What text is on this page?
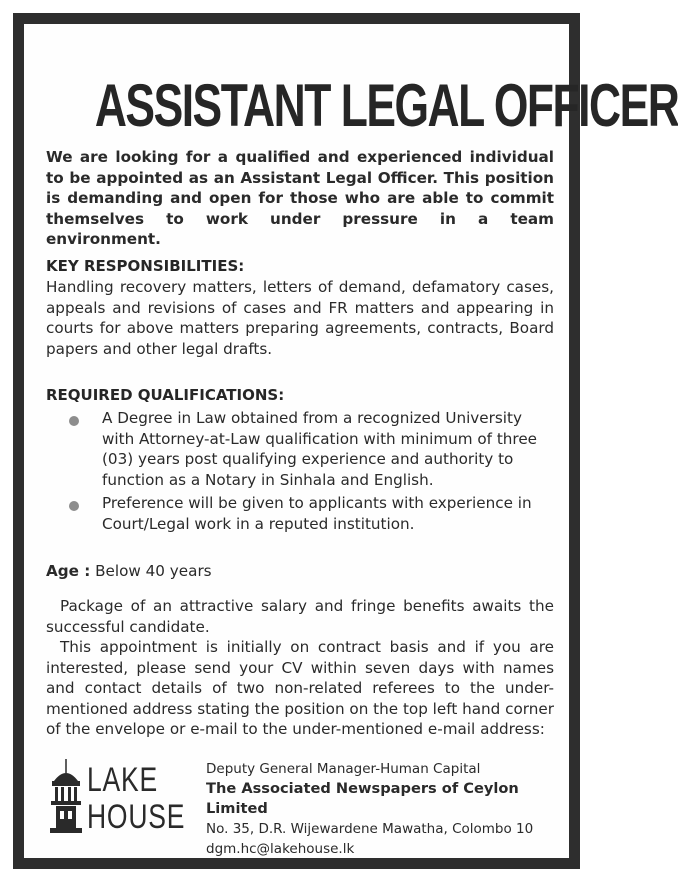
ASSISTANT LEGAL OFFICER
We are looking for a qualified and experienced individual to be appointed as an Assistant Legal Officer. This position is demanding and open for those who are able to commit themselves to work under pressure in a team environment.
KEY RESPONSIBILITIES:
Handling recovery matters, letters of demand, defamatory cases, appeals and revisions of cases and FR matters and appearing in courts for above matters preparing agreements, contracts, Board papers and other legal drafts.
REQUIRED QUALIFICATIONS:
A Degree in Law obtained from a recognized University with Attorney-at-Law qualification with minimum of three (03) years post qualifying experience and authority to function as a Notary in Sinhala and English.
Preference will be given to applicants with experience in Court/Legal work in a reputed institution.
Age : Below 40 years
Package of an attractive salary and fringe benefits awaits the successful candidate.
This appointment is initially on contract basis and if you are interested, please send your CV within seven days with names and contact details of two non-related referees to the under-mentioned address stating the position on the top left hand corner of the envelope or e-mail to the under-mentioned e-mail address:
LAKE
HOUSE
Deputy General Manager-Human Capital
The Associated Newspapers of Ceylon Limited
No. 35, D.R. Wijewardene Mawatha, Colombo 10
dgm.hc@lakehouse.lk
